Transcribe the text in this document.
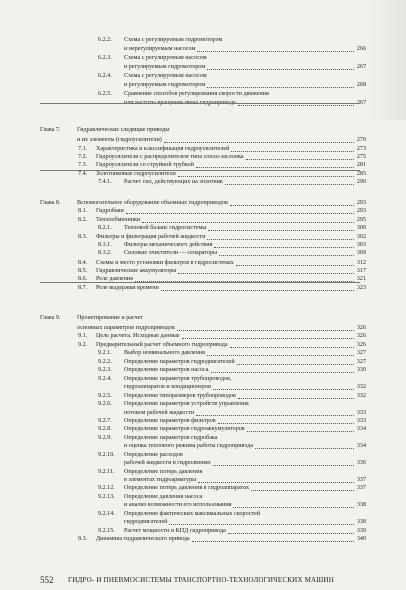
6.2.2. Схема с регулируемым гидромотором
и нерегулируемым насосом	266
6.2.3. Схема с регулируемым насосом
и регулируемым гидромотором	267
6.2.4. Схема с регулируемым насосом
и регулируемым гидромотором	268
6.2.5. Сравнение способов регулирования скорости движения
или частоты вращения звена гидропривода	267
Глава 7.	Гидравлические следящие приводы
и их элементы (гидроусилители)	270
7.1. Характеристика и классификация гидроусилителей	273
7.2. Гидроусилители с распределителем типа сопло-заслонка	275
7.3. Гидроусилители со струйной трубкой	281
7.4. Золотниковые гидроусилители	285
7.4.1. Расчет сил, действующих на золотник	290
Глава 8.	Вспомогательное оборудование объемных гидроприводов	293
8.1. Гидробаки	293
8.2. Теплообменники	295
8.2.1. Тепловой баланс гидросистемы	300
8.3. Фильтры и фильтрация рабочей жидкости	302
8.3.1. Фильтры механического действия	303
8.3.2. Силовые очистители — сепараторы	309
8.4. Схемы и место установки фильтров в гидросистемах	312
8.5. Гидравлические аккумуляторы	317
8.6. Реле давления	321
8.7. Реле выдержки времени	323
Глава 9.	Проектирование и расчет
основных параметров гидроприводов	326
9.1. Цель расчета. Исходные данные	326
9.2. Предварительный расчет объемного гидропривода	326
9.2.1. Выбор номинального давления	327
9.2.2. Определение параметров гидродвигателей	327
9.2.3. Определение параметров насоса	330
9.2.4. Определение параметров трубопроводов,
гидроаппаратов и кондиционеров	332
9.2.5. Определение типоразмеров трубопроводов	332
9.2.6. Определение параметров устройств управления
потоком рабочей жидкости	333
9.2.7. Определение параметров фильтров	333
9.2.8. Определение параметров гидроаккумуляторов	334
9.2.9. Определение параметров гидробака
и оценка теплового режима работы гидропривода	334
9.2.10. Определение расходов
рабочей жидкости в гидролиниях	336
9.2.11. Определение потерь давления
в элементах гидроарматуры	337
9.2.12. Определение потерь давления в гидроаппаратах	337
9.2.13. Определение давления насоса
и анализ возможности его использования	338
9.2.14. Определение фактических максимальных скоростей
гидродвигателей	338
9.2.15. Расчет мощности и КПД гидропривода	339
9.3. Динамика гидравлического привода	340
552 ГИДРО- И ПНЕВМОСИСТЕМЫ ТРАНСПОРТНО-ТЕХНОЛОГИЧЕСКИХ МАШИН
